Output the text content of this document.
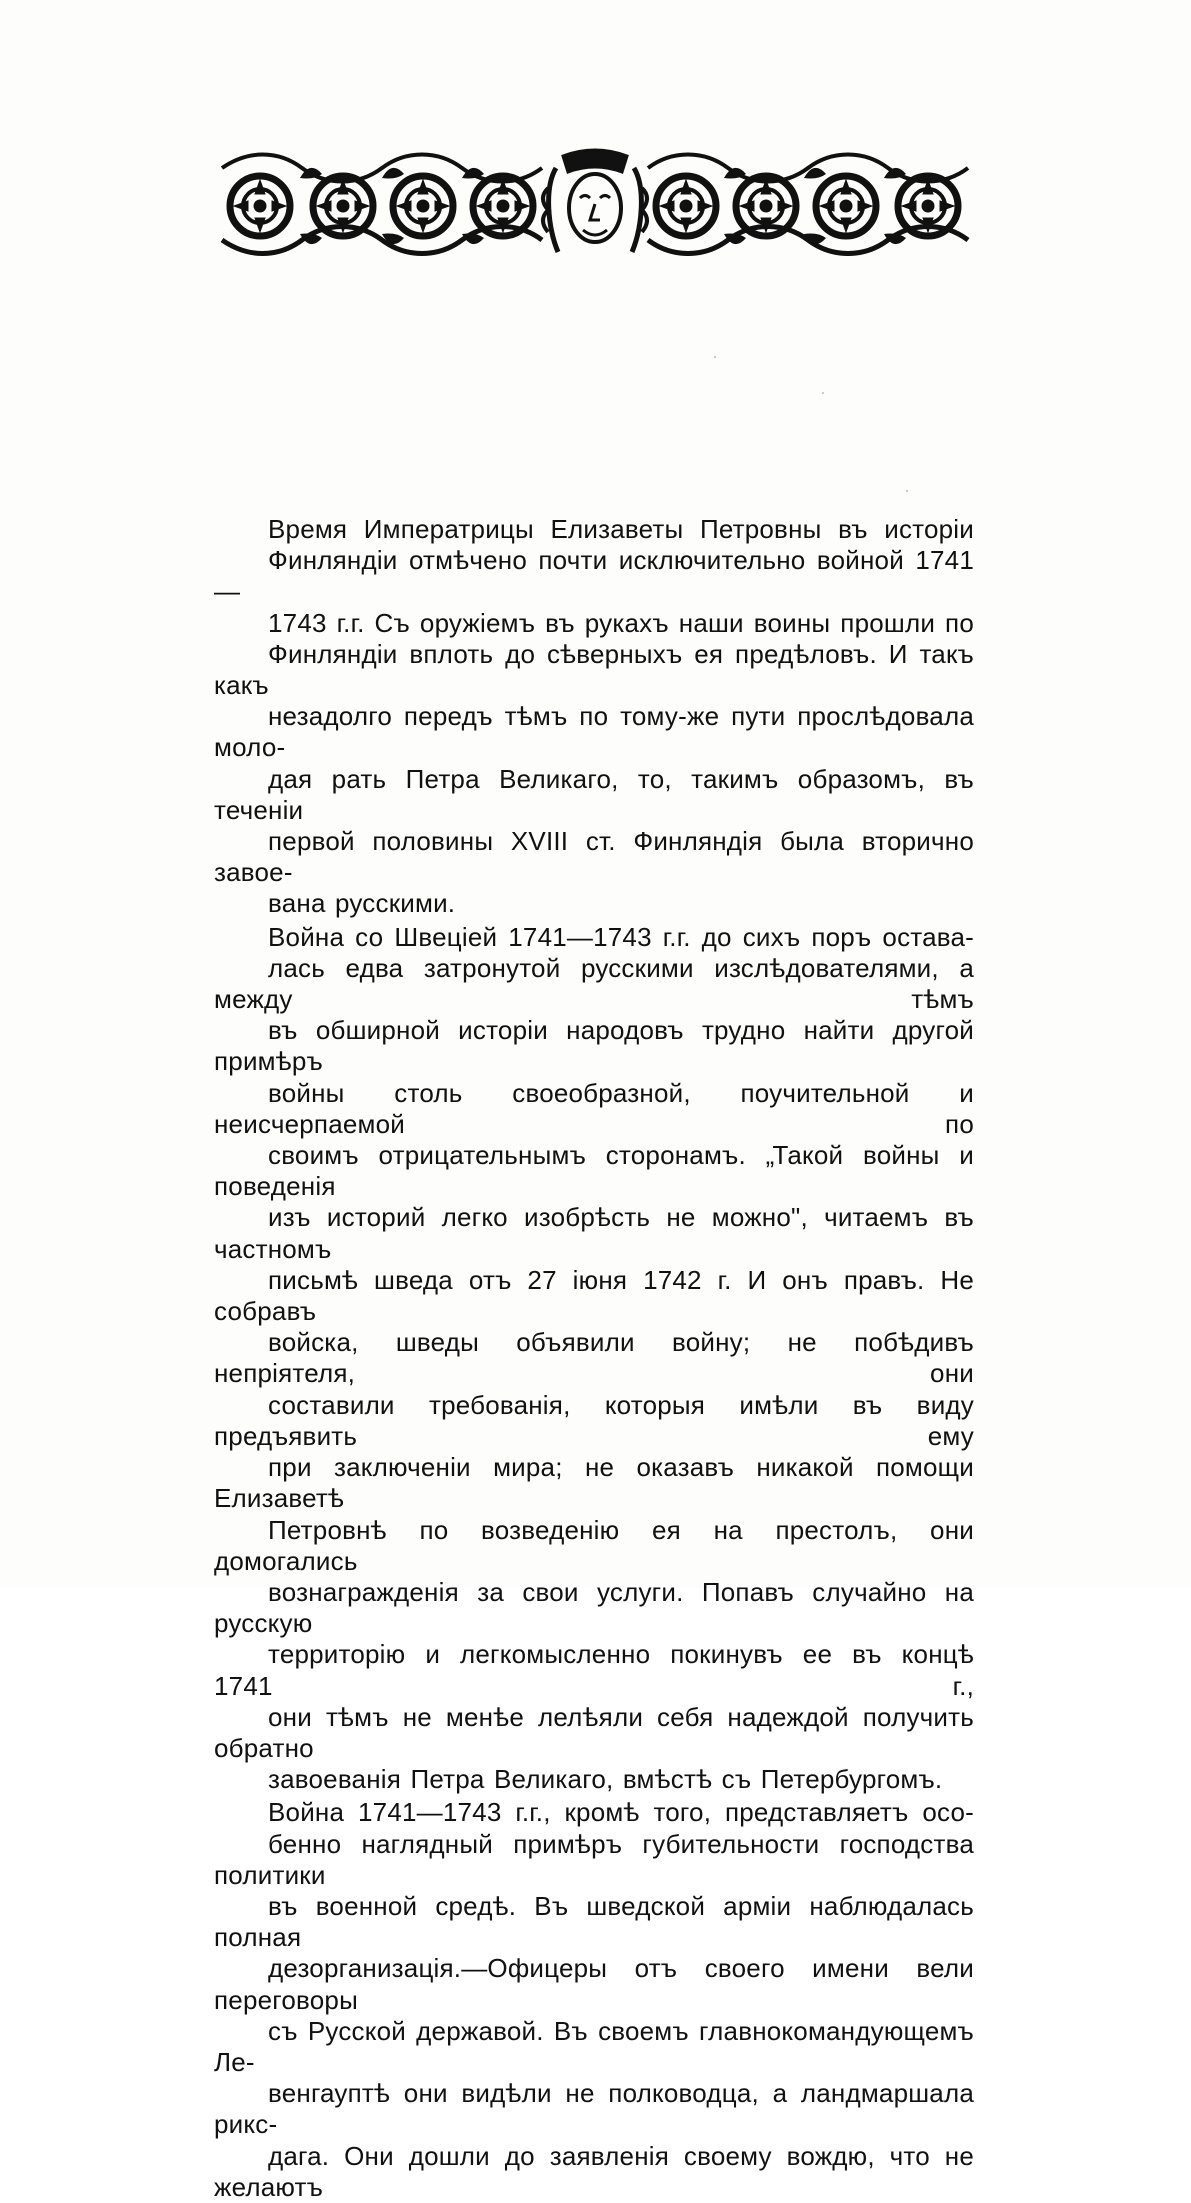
Время Императрицы Елизаветы Петровны въ исторіи
Финляндіи отмѣчено почти исключительно войной 1741—
1743 г.г. Съ оружіемъ въ рукахъ наши воины прошли по
Финляндіи вплоть до сѣверныхъ ея предѣловъ. И такъ какъ
незадолго передъ тѣмъ по тому-же пути прослѣдовала моло-
дая рать Петра Великаго, то, такимъ образомъ, въ теченіи
первой половины XVIII ст. Финляндія была вторично завое-
вана русскими.

Война со Швеціей 1741—1743 г.г. до сихъ поръ остава-
лась едва затронутой русскими изслѣдователями, а между тѣмъ
въ обширной исторіи народовъ трудно найти другой примѣръ
войны столь своеобразной, поучительной и неисчерпаемой по
своимъ отрицательнымъ сторонамъ. „Такой войны и поведенія
изъ историй легко изобрѣсть не можно", читаемъ въ частномъ
письмѣ шведа отъ 27 іюня 1742 г. И онъ правъ. Не собравъ
войска, шведы объявили войну; не побѣдивъ непріятеля, они
составили требованія, которыя имѣли въ виду предъявить ему
при заключеніи мира; не оказавъ никакой помощи Елизаветѣ
Петровнѣ по возведенію ея на престолъ, они домогались
вознагражденія за свои услуги. Попавъ случайно на русскую
территорію и легкомысленно покинувъ ее въ концѣ 1741 г.,
они тѣмъ не менѣе лелѣяли себя надеждой получить обратно
завоеванія Петра Великаго, вмѣстѣ съ Петербургомъ.

Война 1741—1743 г.г., кромѣ того, представляетъ осо-
бенно наглядный примѣръ губительности господства политики
въ военной средѣ. Въ шведской арміи наблюдалась полная
дезорганизація.—Офицеры отъ своего имени вели переговоры
съ Русской державой. Въ своемъ главнокомандующемъ Ле-
венгауптѣ они видѣли не полководца, а ландмаршала рикс-
дага. Они дошли до заявленія своему вождю, что не желаютъ
